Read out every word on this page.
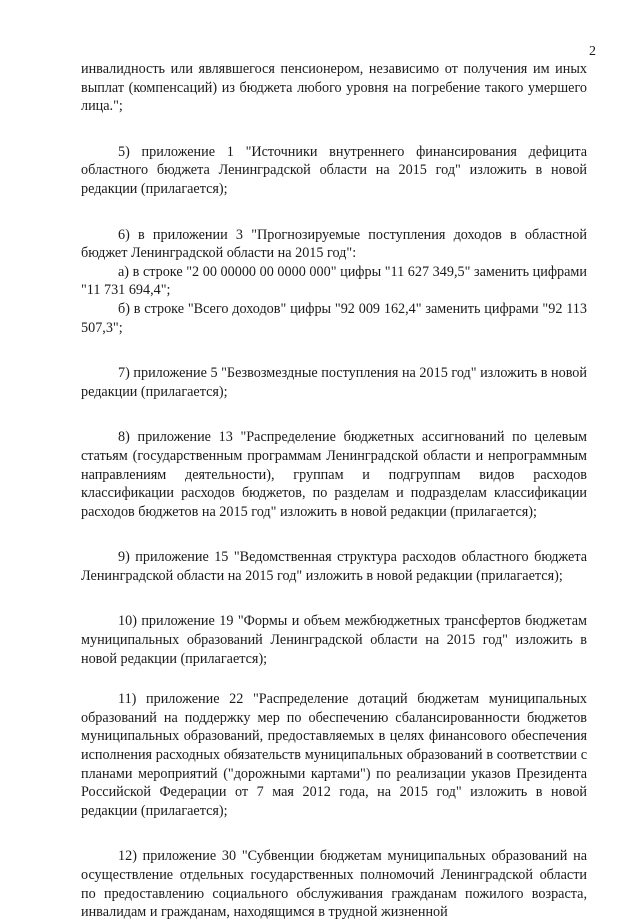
2

инвалидность или являвшегося пенсионером, независимо от получения им иных выплат (компенсаций) из бюджета любого уровня на погребение такого умершего лица.";

5) приложение 1 "Источники внутреннего финансирования дефицита областного бюджета Ленинградской области на 2015 год" изложить в новой редакции (прилагается);

6) в приложении 3 "Прогнозируемые поступления доходов в областной бюджет Ленинградской области на 2015 год":

а) в строке "2 00 00000 00 0000 000" цифры "11 627 349,5" заменить цифрами "11 731 694,4";

б) в строке "Всего доходов" цифры "92 009 162,4" заменить цифрами "92 113 507,3";

7) приложение 5 "Безвозмездные поступления на 2015 год" изложить в новой редакции (прилагается);

8) приложение 13 "Распределение бюджетных ассигнований по целевым статьям (государственным программам Ленинградской области и непрограммным направлениям деятельности), группам и подгруппам видов расходов классификации расходов бюджетов, по разделам и подразделам классификации расходов бюджетов на 2015 год" изложить в новой редакции (прилагается);

9) приложение 15 "Ведомственная структура расходов областного бюджета Ленинградской области на 2015 год" изложить в новой редакции (прилагается);

10) приложение 19 "Формы и объем межбюджетных трансфертов бюджетам муниципальных образований Ленинградской области на 2015 год" изложить в новой редакции (прилагается);

11) приложение 22 "Распределение дотаций бюджетам муниципальных образований на поддержку мер по обеспечению сбалансированности бюджетов муниципальных образований, предоставляемых в целях финансового обеспечения исполнения расходных обязательств муниципальных образований в соответствии с планами мероприятий ("дорожными картами") по реализации указов Президента Российской Федерации от 7 мая 2012 года, на 2015 год" изложить в новой редакции (прилагается);

12) приложение 30 "Субвенции бюджетам муниципальных образований на осуществление отдельных государственных полномочий Ленинградской области по предоставлению социального обслуживания гражданам пожилого возраста, инвалидам и гражданам, находящимся в трудной жизненной
